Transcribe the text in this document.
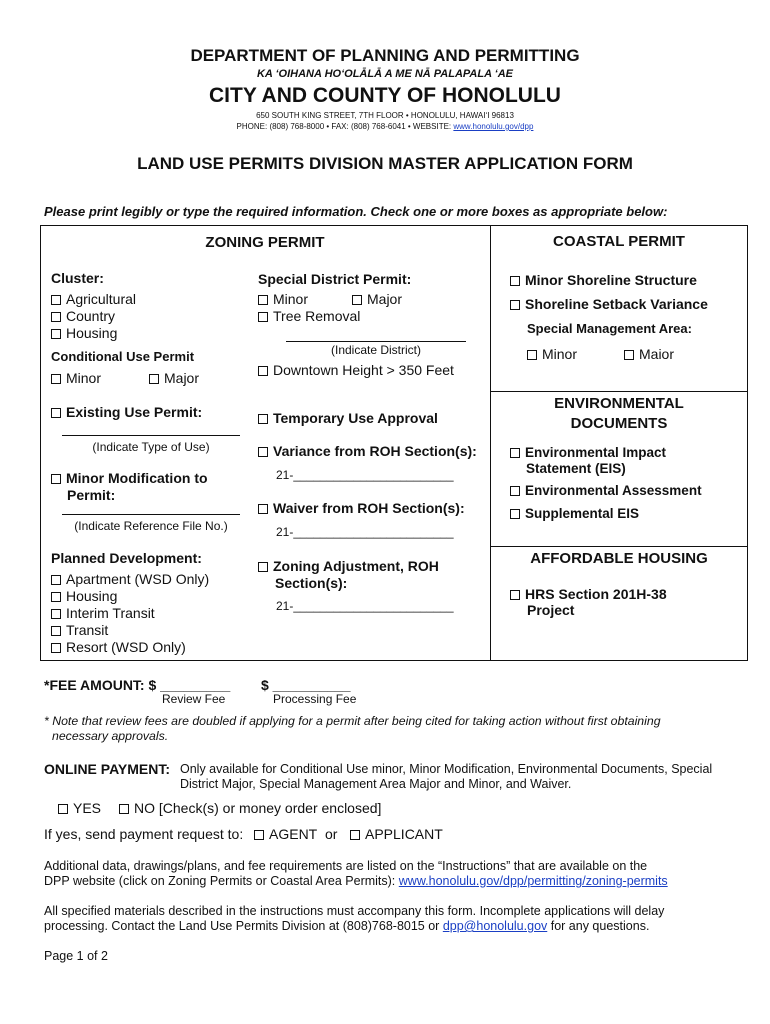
DEPARTMENT OF PLANNING AND PERMITTING
KA ‘OIHANA HO‘OLĀLĀ A ME NĀ PALAPALA ‘AE
CITY AND COUNTY OF HONOLULU
650 SOUTH KING STREET, 7TH FLOOR • HONOLULU, HAWAI‘I 96813
PHONE: (808) 768-8000 • FAX: (808) 768-6041 • WEBSITE: www.honolulu.gov/dpp
LAND USE PERMITS DIVISION MASTER APPLICATION FORM
Please print legibly or type the required information. Check one or more boxes as appropriate below:
ZONING PERMIT
Cluster:
Agricultural
Country
Housing
Conditional Use Permit
Minor	Major
Existing Use Permit:
(Indicate Type of Use)
Minor Modification to
Permit:
(Indicate Reference File No.)
Planned Development:
Apartment (WSD Only)
Housing
Interim Transit
Transit
Resort (WSD Only)
Special District Permit:
Minor	Major
Tree Removal
(Indicate District)
Downtown Height > 350 Feet
Temporary Use Approval
Variance from ROH Section(s):
21-________________________
Waiver from ROH Section(s):
21-________________________
Zoning Adjustment, ROH
Section(s):
21-________________________
COASTAL PERMIT
Minor Shoreline Structure
Shoreline Setback Variance
Special Management Area:
Minor	Maior
ENVIRONMENTAL
DOCUMENTS
Environmental Impact
Statement (EIS)
Environmental Assessment
Supplemental EIS
AFFORDABLE HOUSING
HRS Section 201H-38
Project
*FEE AMOUNT: $ _________
Review Fee
$ __________
Processing Fee
* Note that review fees are doubled if applying for a permit after being cited for taking action without first obtaining
necessary approvals.
ONLINE PAYMENT: Only available for Conditional Use minor, Minor Modification, Environmental Documents, Special
District Major, Special Management Area Major and Minor, and Waiver.
YES	NO [Check(s) or money order enclosed]
If yes, send payment request to:	AGENT or	APPLICANT
Additional data, drawings/plans, and fee requirements are listed on the “Instructions” that are available on the
DPP website (click on Zoning Permits or Coastal Area Permits): www.honolulu.gov/dpp/permitting/zoning-permits
All specified materials described in the instructions must accompany this form. Incomplete applications will delay
processing. Contact the Land Use Permits Division at (808)768-8015 or dpp@honolulu.gov for any questions.
Page 1 of 2
